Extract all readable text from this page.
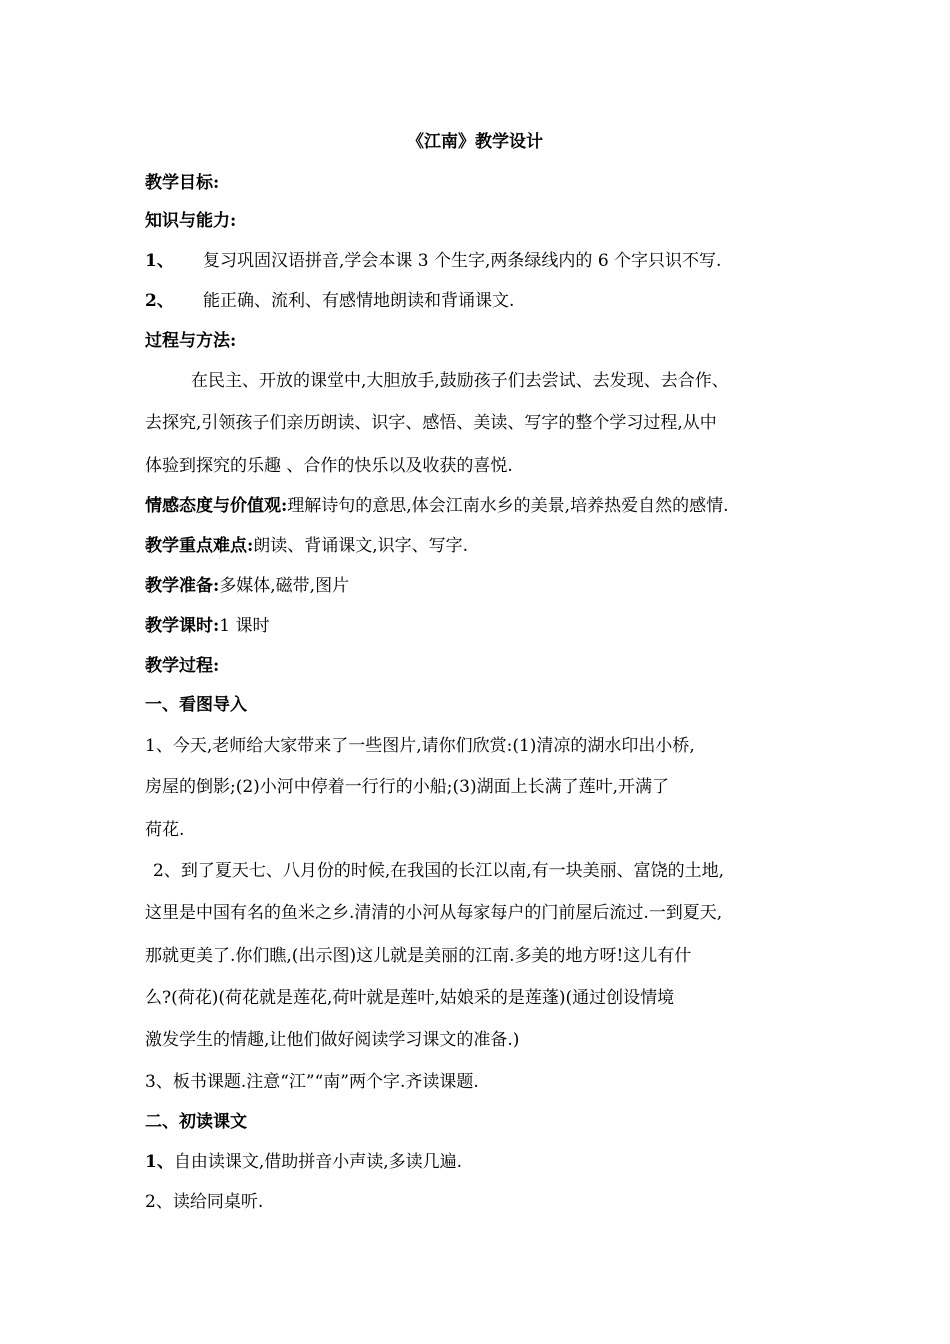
《江南》教学设计
教学目标:
知识与能力:
1、 复习巩固汉语拼音,学会本课 3 个生字,两条绿线内的 6 个字只识不写.
2、 能正确、流利、有感情地朗读和背诵课文.
过程与方法:
在民主、开放的课堂中,大胆放手,鼓励孩子们去尝试、去发现、去合作、
去探究,引领孩子们亲历朗读、识字、感悟、美读、写字的整个学习过程,从中
体验到探究的乐趣 、合作的快乐以及收获的喜悦.
情感态度与价值观:理解诗句的意思,体会江南水乡的美景,培养热爱自然的感情.
教学重点难点:朗读、背诵课文,识字、写字.
教学准备:多媒体,磁带,图片
教学课时:1 课时
教学过程:
一、看图导入
1、今天,老师给大家带来了一些图片,请你们欣赏:(1)清凉的湖水印出小桥,
房屋的倒影;(2)小河中停着一行行的小船;(3)湖面上长满了莲叶,开满了
荷花.
2、到了夏天七、八月份的时候,在我国的长江以南,有一块美丽、富饶的土地,
这里是中国有名的鱼米之乡.清清的小河从每家每户的门前屋后流过.一到夏天,
那就更美了.你们瞧,(出示图)这儿就是美丽的江南.多美的地方呀!这儿有什
么?(荷花)(荷花就是莲花,荷叶就是莲叶,姑娘采的是莲蓬)(通过创设情境
激发学生的情趣,让他们做好阅读学习课文的准备.)
3、板书课题.注意“江”“南”两个字.齐读课题.
二、初读课文
1、自由读课文,借助拼音小声读,多读几遍.
2、读给同桌听.
